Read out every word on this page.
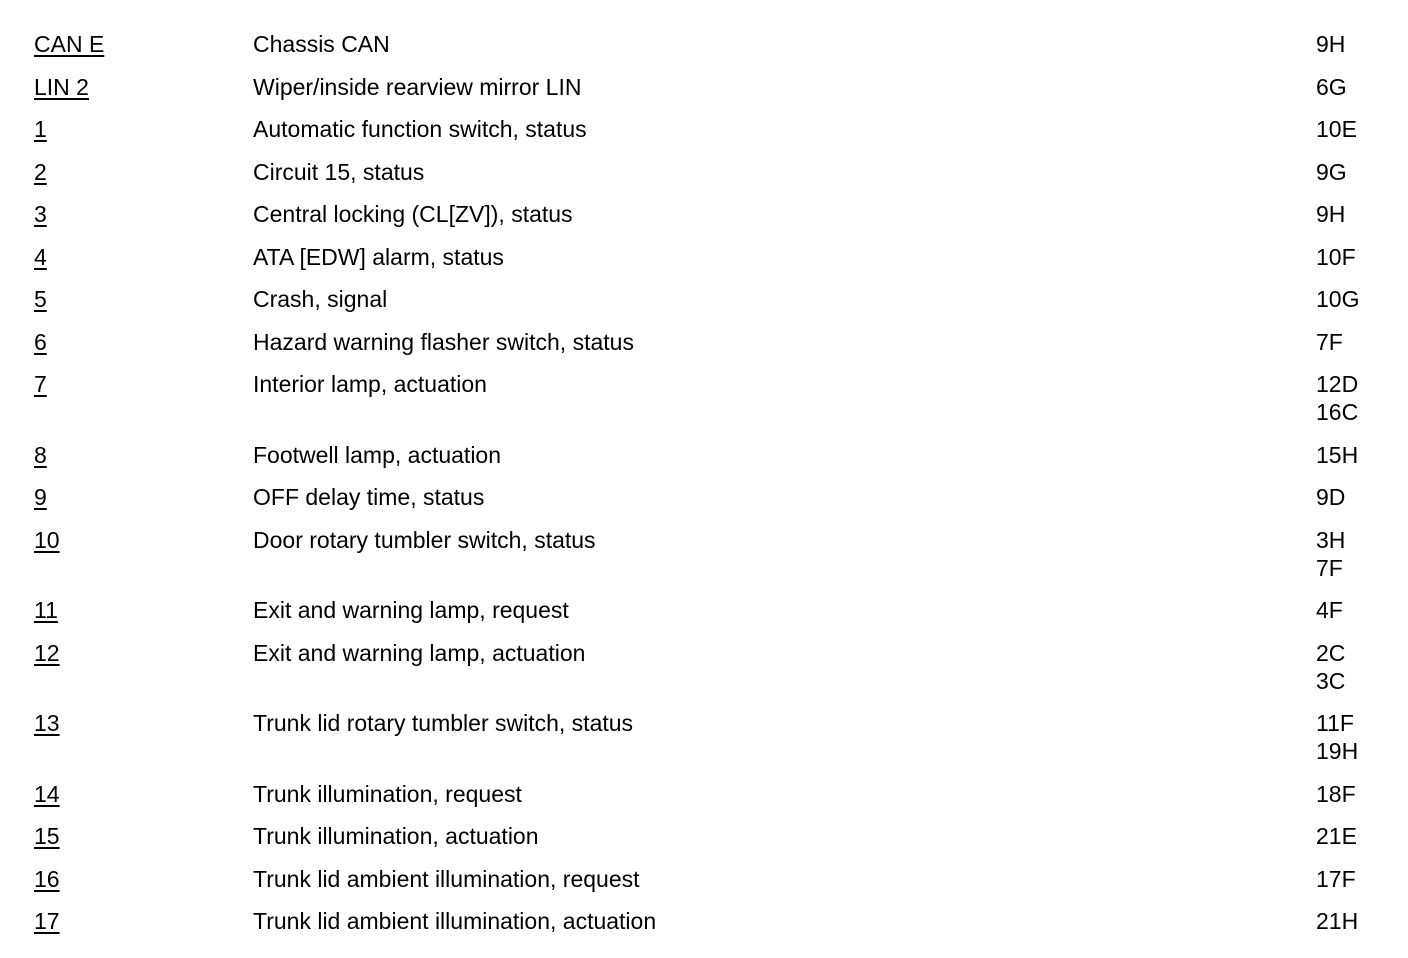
CAN E	Chassis CAN	9H
LIN 2	Wiper/inside rearview mirror LIN	6G
1	Automatic function switch, status	10E
2	Circuit 15, status	9G
3	Central locking (CL[ZV]), status	9H
4	ATA [EDW] alarm, status	10F
5	Crash, signal	10G
6	Hazard warning flasher switch, status	7F
7	Interior lamp, actuation	12D
16C
8	Footwell lamp, actuation	15H
9	OFF delay time, status	9D
10	Door rotary tumbler switch, status	3H
7F
11	Exit and warning lamp, request	4F
12	Exit and warning lamp, actuation	2C
3C
13	Trunk lid rotary tumbler switch, status	11F
19H
14	Trunk illumination, request	18F
15	Trunk illumination, actuation	21E
16	Trunk lid ambient illumination, request	17F
17	Trunk lid ambient illumination, actuation	21H
